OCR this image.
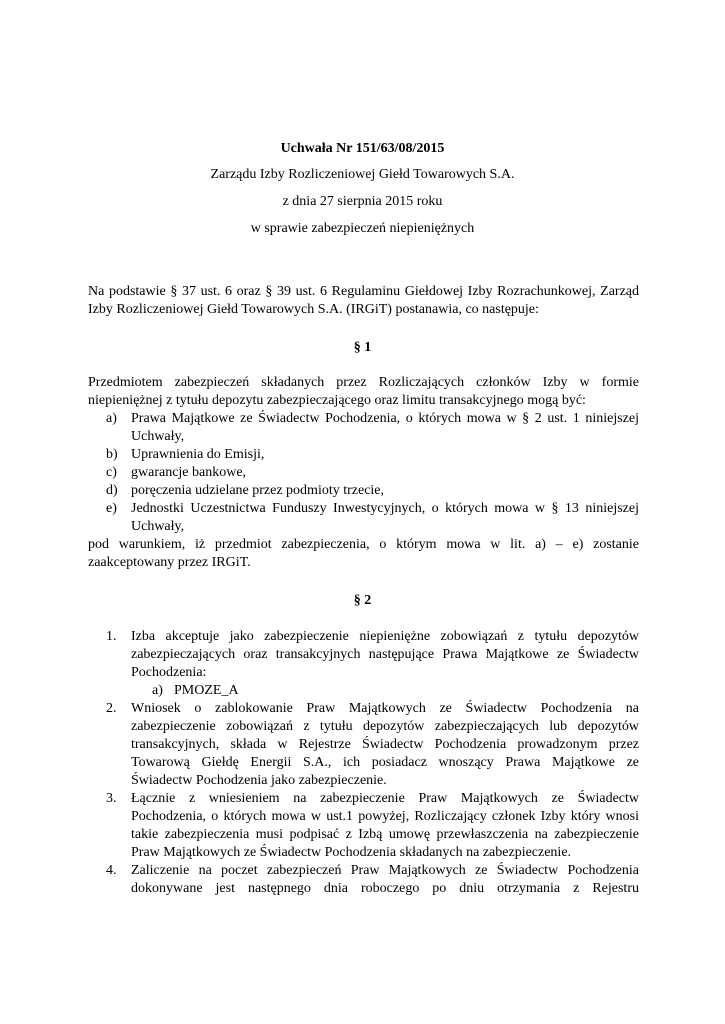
Uchwała Nr 151/63/08/2015
Zarządu Izby Rozliczeniowej Giełd Towarowych S.A.
z dnia 27 sierpnia 2015 roku
w sprawie zabezpieczeń niepieniężnych
Na podstawie § 37 ust. 6 oraz § 39 ust. 6 Regulaminu Giełdowej Izby Rozrachunkowej, Zarząd
Izby Rozliczeniowej Giełd Towarowych S.A. (IRGiT) postanawia, co następuje:
§ 1
Przedmiotem zabezpieczeń składanych przez Rozliczających członków Izby w formie
niepieniężnej z tytułu depozytu zabezpieczającego oraz limitu transakcyjnego mogą być:
a) Prawa Majątkowe ze Świadectw Pochodzenia, o których mowa w § 2 ust. 1 niniejszej
Uchwały,
b) Uprawnienia do Emisji,
c) gwarancje bankowe,
d) poręczenia udzielane przez podmioty trzecie,
e) Jednostki Uczestnictwa Funduszy Inwestycyjnych, o których mowa w § 13 niniejszej
Uchwały,
pod warunkiem, iż przedmiot zabezpieczenia, o którym mowa w lit. a) – e) zostanie
zaakceptowany przez IRGiT.
§ 2
1. Izba akceptuje jako zabezpieczenie niepieniężne zobowiązań z tytułu depozytów
zabezpieczających oraz transakcyjnych następujące Prawa Majątkowe ze Świadectw
Pochodzenia:
a) PMOZE_A
2. Wniosek o zablokowanie Praw Majątkowych ze Świadectw Pochodzenia na
zabezpieczenie zobowiązań z tytułu depozytów zabezpieczających lub depozytów
transakcyjnych, składa w Rejestrze Świadectw Pochodzenia prowadzonym przez
Towarową Giełdę Energii S.A., ich posiadacz wnoszący Prawa Majątkowe ze
Świadectw Pochodzenia jako zabezpieczenie.
3. Łącznie z wniesieniem na zabezpieczenie Praw Majątkowych ze Świadectw
Pochodzenia, o których mowa w ust.1 powyżej, Rozliczający członek Izby który wnosi
takie zabezpieczenia musi podpisać z Izbą umowę przewłaszczenia na zabezpieczenie
Praw Majątkowych ze Świadectw Pochodzenia składanych na zabezpieczenie.
4. Zaliczenie na poczet zabezpieczeń Praw Majątkowych ze Świadectw Pochodzenia
dokonywane jest następnego dnia roboczego po dniu otrzymania z Rejestru
